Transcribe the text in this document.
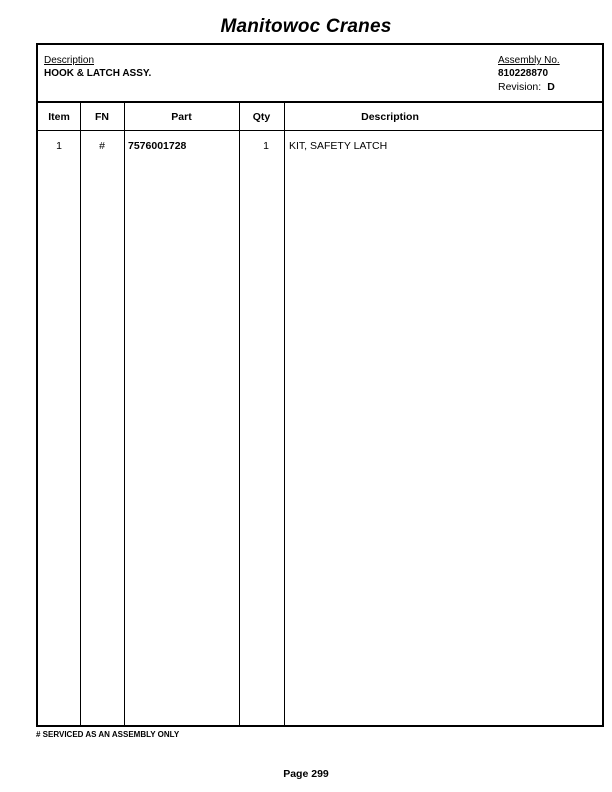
Manitowoc Cranes
Description
HOOK & LATCH ASSY.
Assembly No.
810228870
Revision: D
Item	FN	Part	Qty	Description
1	#	7576001728	1 KIT, SAFETY LATCH
# SERVICED AS AN ASSEMBLY ONLY
Page 299
